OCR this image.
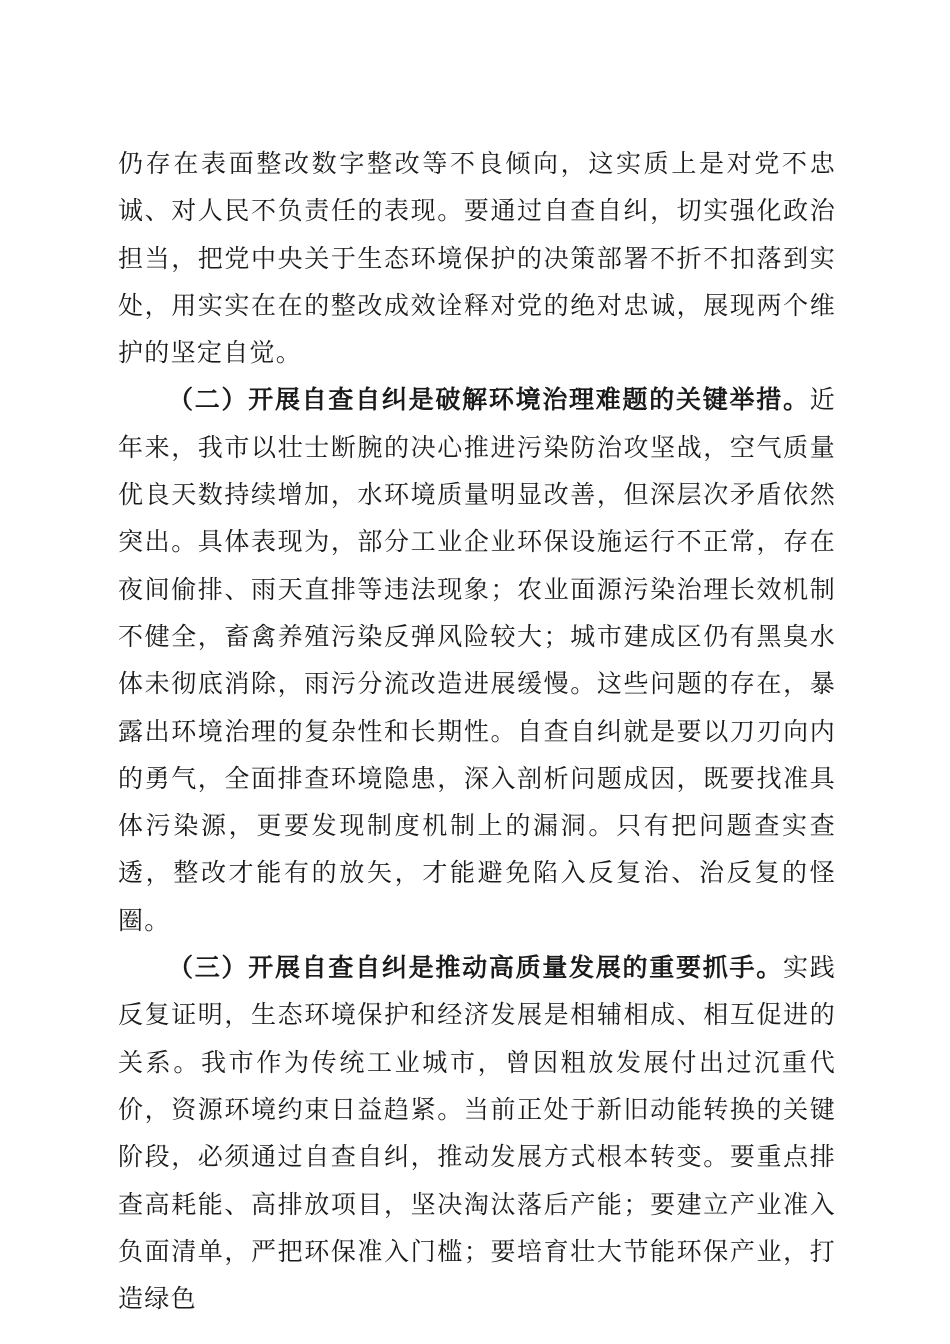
仍存在表面整改数字整改等不良倾向，这实质上是对党不忠诚、对人民不负责任的表现。要通过自查自纠，切实强化政治担当，把党中央关于生态环境保护的决策部署不折不扣落到实处，用实实在在的整改成效诠释对党的绝对忠诚，展现两个维护的坚定自觉。

（二）开展自查自纠是破解环境治理难题的关键举措。近年来，我市以壮士断腕的决心推进污染防治攻坚战，空气质量优良天数持续增加，水环境质量明显改善，但深层次矛盾依然突出。具体表现为，部分工业企业环保设施运行不正常，存在夜间偷排、雨天直排等违法现象；农业面源污染治理长效机制不健全，畜禽养殖污染反弹风险较大；城市建成区仍有黑臭水体未彻底消除，雨污分流改造进展缓慢。这些问题的存在，暴露出环境治理的复杂性和长期性。自查自纠就是要以刀刃向内的勇气，全面排查环境隐患，深入剖析问题成因，既要找准具体污染源，更要发现制度机制上的漏洞。只有把问题查实查透，整改才能有的放矢，才能避免陷入反复治、治反复的怪圈。

（三）开展自查自纠是推动高质量发展的重要抓手。实践反复证明，生态环境保护和经济发展是相辅相成、相互促进的关系。我市作为传统工业城市，曾因粗放发展付出过沉重代价，资源环境约束日益趋紧。当前正处于新旧动能转换的关键阶段，必须通过自查自纠，推动发展方式根本转变。要重点排查高耗能、高排放项目，坚决淘汰落后产能；要建立产业准入负面清单，严把环保准入门槛；要培育壮大节能环保产业，打造绿色
